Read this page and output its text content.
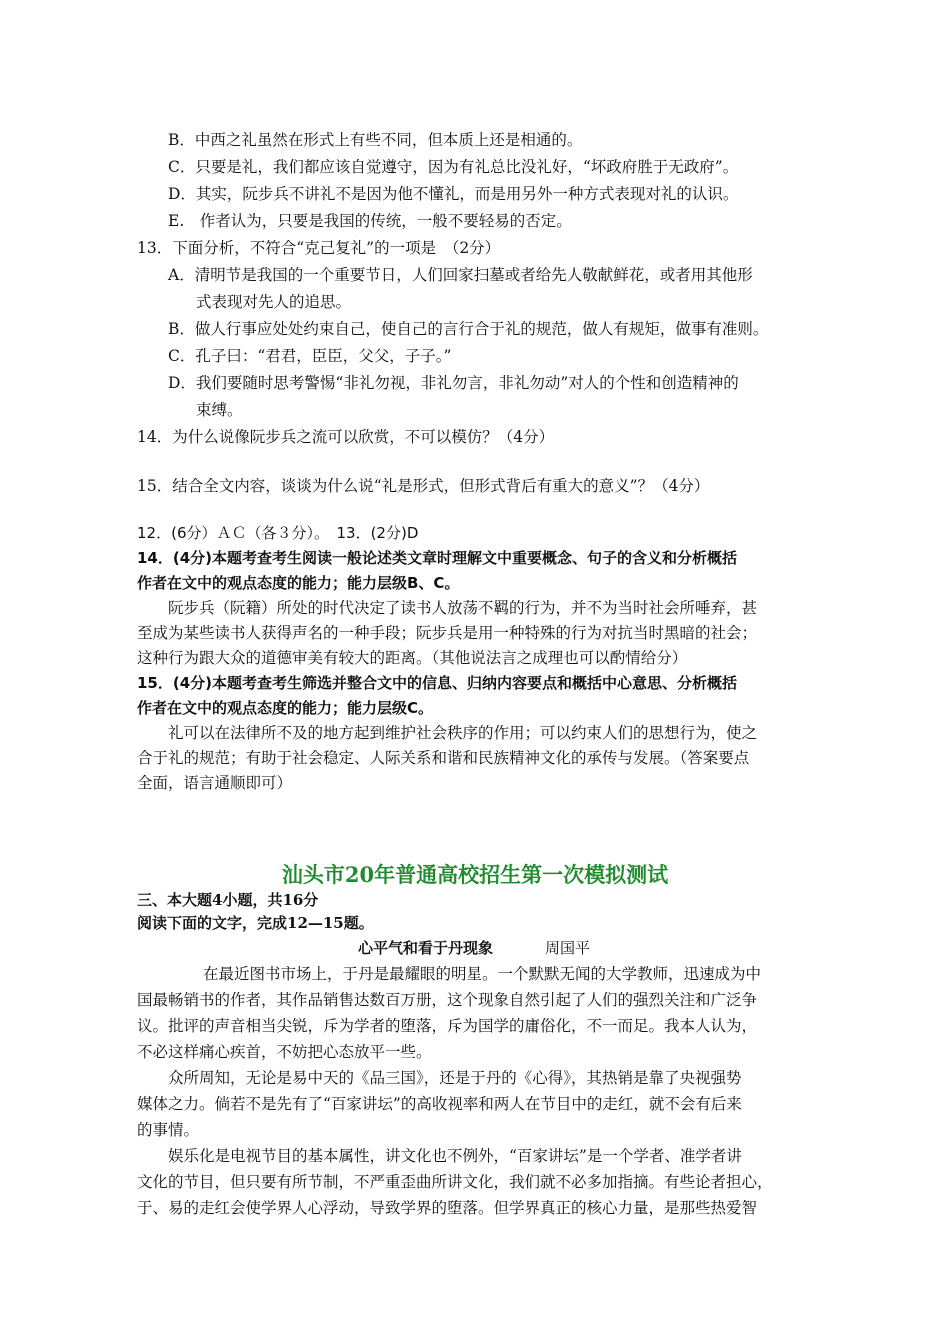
B．中西之礼虽然在形式上有些不同，但本质上还是相通的。
C．只要是礼，我们都应该自觉遵守，因为有礼总比没礼好，“坏政府胜于无政府”。
D．其实，阮步兵不讲礼不是因为他不懂礼，而是用另外一种方式表现对礼的认识。
E.　作者认为，只要是我国的传统，一般不要轻易的否定。
13．下面分析，不符合“克己复礼”的一项是　（2分）
A．清明节是我国的一个重要节日，人们回家扫墓或者给先人敬献鲜花，或者用其他形
式表现对先人的追思。
B．做人行事应处处约束自己，使自己的言行合于礼的规范，做人有规矩，做事有准则。
C．孔子曰：“君君，臣臣，父父，子子。”
D．我们要随时思考警惕“非礼勿视，非礼勿言，非礼勿动”对人的个性和创造精神的
束缚。
14．为什么说像阮步兵之流可以欣赏，不可以模仿？（4分）
15．结合全文内容，谈谈为什么说“礼是形式，但形式背后有重大的意义”？（4分）
12．(6分）ＡＣ（各３分）。　13．(2分)D
14．(4分)本题考查考生阅读一般论述类文章时理解文中重要概念、句子的含义和分析概括
作者在文中的观点态度的能力；能力层级B、C。
阮步兵（阮籍）所处的时代决定了读书人放荡不羁的行为，并不为当时社会所唾弃，甚
至成为某些读书人获得声名的一种手段；阮步兵是用一种特殊的行为对抗当时黑暗的社会；
这种行为跟大众的道德审美有较大的距离。（其他说法言之成理也可以酌情给分）
15．(4分)本题考查考生筛选并整合文中的信息、归纳内容要点和概括中心意思、分析概括
作者在文中的观点态度的能力；能力层级C。
礼可以在法律所不及的地方起到维护社会秩序的作用；可以约束人们的思想行为，使之
合于礼的规范；有助于社会稳定、人际关系和谐和民族精神文化的承传与发展。（答案要点
全面，语言通顺即可）
汕头市20年普通高校招生第一次模拟测试
三、本大题4小题，共16分
阅读下面的文字，完成12—15题。
心平气和看于丹现象	周国平
在最近图书市场上，于丹是最耀眼的明星。一个默默无闻的大学教师，迅速成为中
国最畅销书的作者，其作品销售达数百万册，这个现象自然引起了人们的强烈关注和广泛争
议。批评的声音相当尖锐，斥为学者的堕落，斥为国学的庸俗化，不一而足。我本人认为，
不必这样痛心疾首，不妨把心态放平一些。
众所周知，无论是易中天的《品三国》，还是于丹的《心得》，其热销是靠了央视强势
媒体之力。倘若不是先有了“百家讲坛”的高收视率和两人在节目中的走红，就不会有后来
的事情。
娱乐化是电视节目的基本属性，讲文化也不例外，“百家讲坛”是一个学者、准学者讲
文化的节目，但只要有所节制，不严重歪曲所讲文化，我们就不必多加指摘。有些论者担心，
于、易的走红会使学界人心浮动，导致学界的堕落。但学界真正的核心力量，是那些热爱智
